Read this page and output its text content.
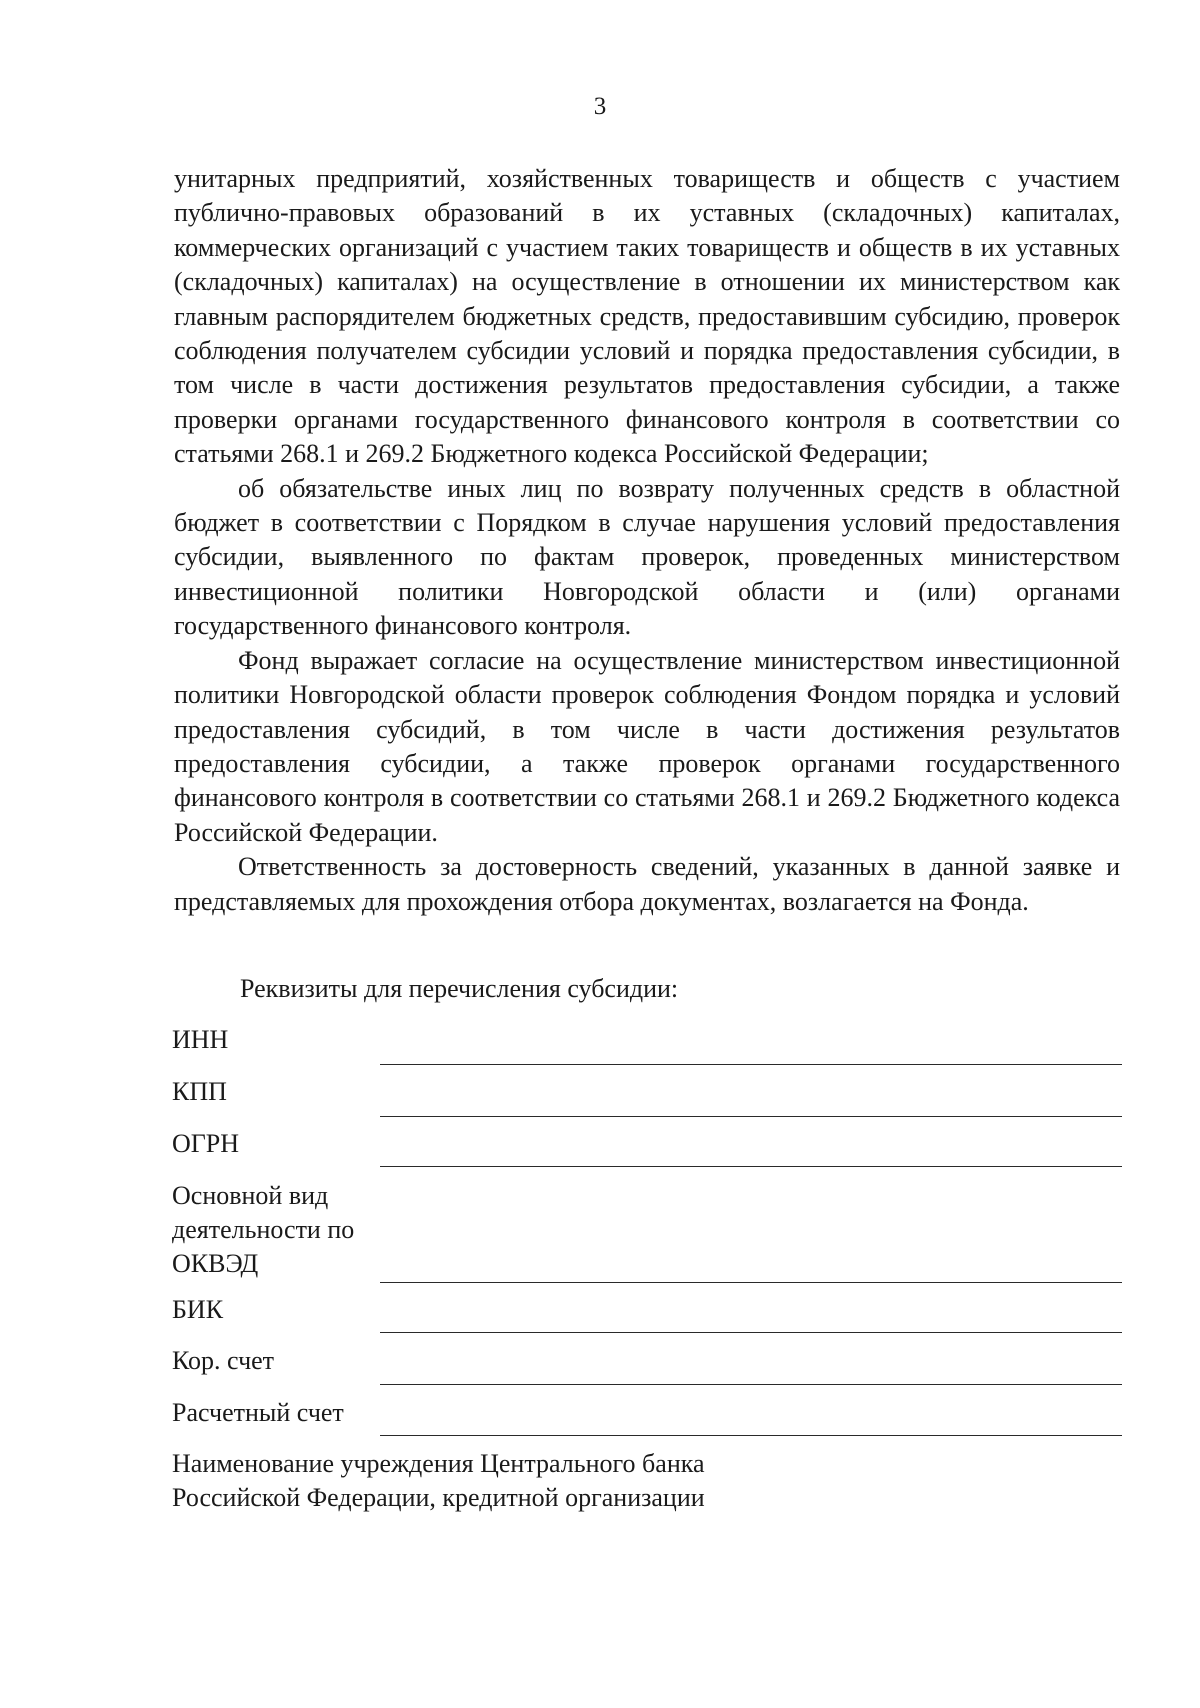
3

унитарных предприятий, хозяйственных товариществ и обществ с участием публично-правовых образований в их уставных (складочных) капиталах, коммерческих организаций с участием таких товариществ и обществ в их уставных (складочных) капиталах) на осуществление в отношении их министерством как главным распорядителем бюджетных средств, предоставившим субсидию, проверок соблюдения получателем субсидии условий и порядка предоставления субсидии, в том числе в части достижения результатов предоставления субсидии, а также проверки органами государственного финансового контроля в соответствии со статьями 268.1 и 269.2 Бюджетного кодекса Российской Федерации;

об обязательстве иных лиц по возврату полученных средств в областной бюджет в соответствии с Порядком в случае нарушения условий предоставления субсидии, выявленного по фактам проверок, проведенных министерством инвестиционной политики Новгородской области и (или) органами государственного финансового контроля.

Фонд выражает согласие на осуществление министерством инвестиционной политики Новгородской области проверок соблюдения Фондом порядка и условий предоставления субсидий, в том числе в части достижения результатов предоставления субсидии, а также проверок органами государственного финансового контроля в соответствии со статьями 268.1 и 269.2 Бюджетного кодекса Российской Федерации.

Ответственность за достоверность сведений, указанных в данной заявке и представляемых для прохождения отбора документах, возлагается на Фонда.

Реквизиты для перечисления субсидии:
ИНН
КПП
ОГРН
Основной вид
деятельности по
ОКВЭД
БИК
Кор. счет
Расчетный счет
Наименование учреждения Центрального банка
Российской Федерации, кредитной организации
